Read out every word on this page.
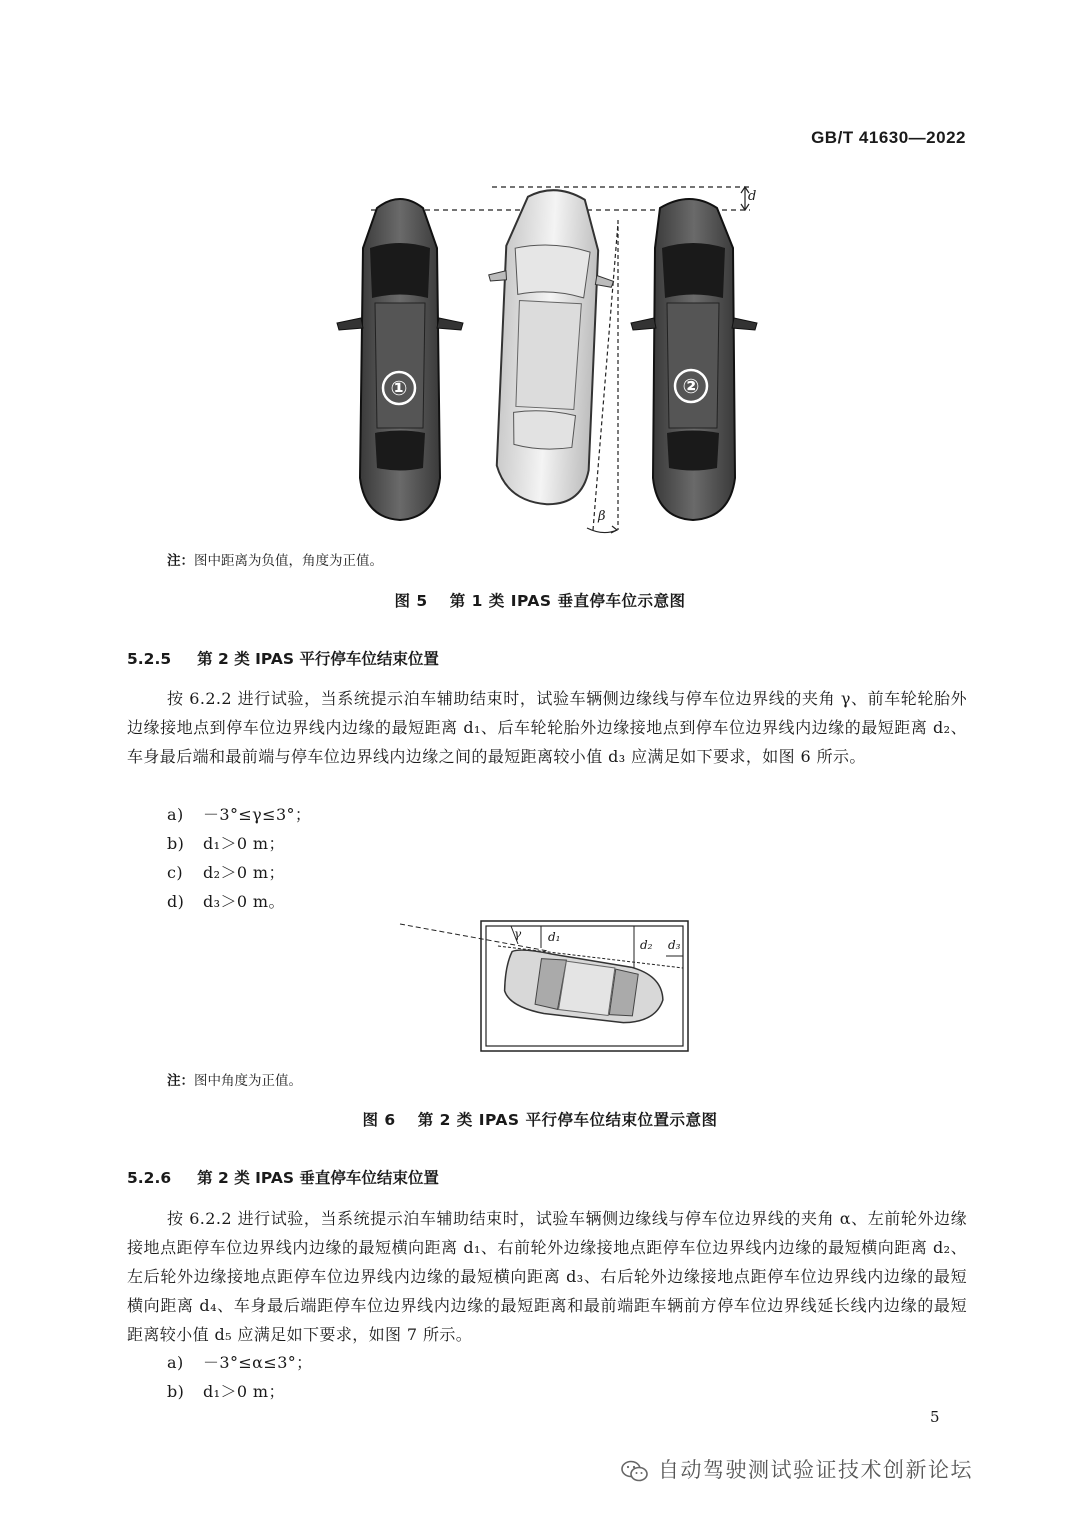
GB/T 41630—2022
①	②
d
β
注：图中距离为负值，角度为正值。
图 5 第 1 类 IPAS 垂直停车位示意图
5.2.5 第 2 类 IPAS 平行停车位结束位置
按 6.2.2 进行试验，当系统提示泊车辅助结束时，试验车辆侧边缘线与停车位边界线的夹角 γ、前车轮轮胎外边缘接地点到停车位边界线内边缘的最短距离 d₁、后车轮轮胎外边缘接地点到停车位边界线内边缘的最短距离 d₂、车身最后端和最前端与停车位边界线内边缘之间的最短距离较小值 d₃ 应满足如下要求，如图 6 所示。
a) －3°≤γ≤3°；
b) d₁＞0 m；
c) d₂＞0 m；
d) d₃＞0 m。
γ d₁
d₂ d₃
注：图中角度为正值。
图 6 第 2 类 IPAS 平行停车位结束位置示意图
5.2.6 第 2 类 IPAS 垂直停车位结束位置
按 6.2.2 进行试验，当系统提示泊车辅助结束时，试验车辆侧边缘线与停车位边界线的夹角 α、左前轮外边缘接地点距停车位边界线内边缘的最短横向距离 d₁、右前轮外边缘接地点距停车位边界线内边缘的最短横向距离 d₂、左后轮外边缘接地点距停车位边界线内边缘的最短横向距离 d₃、右后轮外边缘接地点距停车位边界线内边缘的最短横向距离 d₄、车身最后端距停车位边界线内边缘的最短距离和最前端距车辆前方停车位边界线延长线内边缘的最短距离较小值 d₅ 应满足如下要求，如图 7 所示。
a) －3°≤α≤3°；
b) d₁＞0 m；
5
自动驾驶测试验证技术创新论坛
